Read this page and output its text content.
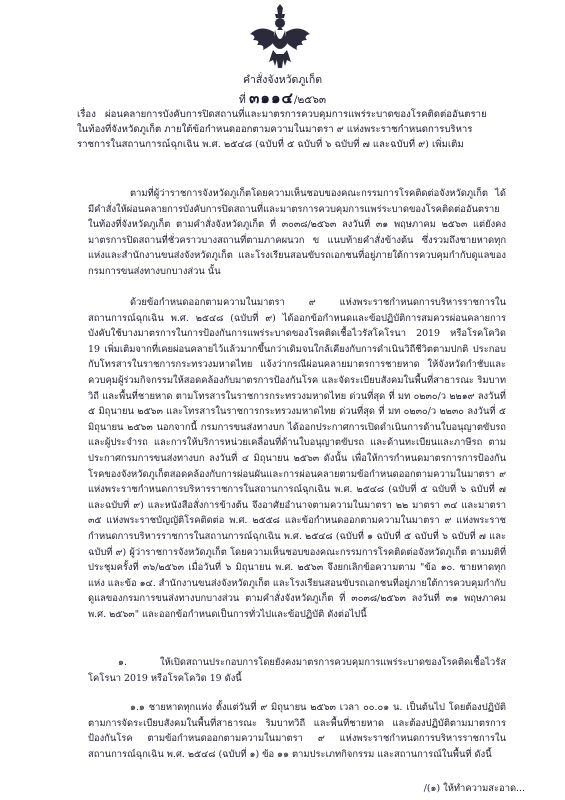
คำสั่งจังหวัดภูเก็ต
ที่ ๓๑๑๔/๒๕๖๓

เรื่อง ผ่อนคลายการบังคับการปิดสถานที่และมาตรการควบคุมการแพร่ระบาดของโรคติดต่ออันตรายในท้องที่จังหวัดภูเก็ต ภายใต้ข้อกำหนดออกตามความในมาตรา ๙ แห่งพระราชกำหนดการบริหารราชการในสถานการณ์ฉุกเฉิน พ.ศ. ๒๕๔๘ (ฉบับที่ ๕ ฉบับที่ ๖ ฉบับที่ ๗ และฉบับที่ ๙) เพิ่มเติม

ตามที่ผู้ว่าราชการจังหวัดภูเก็ตโดยความเห็นชอบของคณะกรรมการโรคติดต่อจังหวัดภูเก็ต ได้มีคำสั่งให้ผ่อนคลายการบังคับการปิดสถานที่และมาตรการควบคุมการแพร่ระบาดของโรคติดต่ออันตรายในท้องที่จังหวัดภูเก็ต ตามคำสั่งจังหวัดภูเก็ต ที่ ๓๐๓๘/๒๕๖๓ ลงวันที่ ๓๑ พฤษภาคม ๒๕๖๓ แต่ยังคงมาตรการปิดสถานที่ชั่วคราวบางสถานที่ตามภาคผนวก ข แนบท้ายคำสั่งข้างต้น ซึ่งรวมถึงชายหาดทุกแห่งและสำนักงานขนส่งจังหวัดภูเก็ต และโรงเรียนสอนขับรถเอกชนที่อยู่ภายใต้การควบคุมกำกับดูแลของกรมการขนส่งทางบกบางส่วน นั้น

ด้วยข้อกำหนดออกตามความในมาตรา ๙ แห่งพระราชกำหนดการบริหารราชการในสถานการณ์ฉุกเฉิน พ.ศ. ๒๕๔๘ (ฉบับที่ ๙) ได้ออกข้อกำหนดและข้อปฏิบัติการสมควรผ่อนคลายการบังคับใช้บางมาตรการในการป้องกันการแพร่ระบาดของโรคติดเชื้อไวรัสโคโรนา 2019 หรือโรคโควิด 19 เพิ่มเติมจากที่เคยผ่อนคลายไว้แล้วมากขึ้นกว่าเดิมจนใกล้เคียงกับการดำเนินวิถีชีวิตตามปกติ ประกอบกับโทรสารในราชการกระทรวงมหาดไทย แจ้งว่ากรณีผ่อนคลายมาตรการชายหาด ให้จังหวัดกำชับและควบคุมผู้ร่วมกิจกรรมให้สอดคล้องกับมาตรการป้องกันโรค และจัดระเบียบสังคมในพื้นที่สาธารณะ ริมบาทวิถี และพื้นที่ชายหาด ตามโทรสารในราชการกระทรวงมหาดไทย ด่วนที่สุด ที่ มท ๐๒๓๐/ว ๒๒๑๙ ลงวันที่ ๕ มิถุนายน ๒๕๖๓ และโทรสารในราชการกระทรวงมหาดไทย ด่วนที่สุด ที่ มท ๐๒๓๐/ว ๒๒๓๐ ลงวันที่ ๕ มิถุนายน ๒๕๖๓ นอกจากนี้ กรมการขนส่งทางบก ได้ออกประกาศการเปิดดำเนินการด้านใบอนุญาตขับรถและผู้ประจำรถ และการให้บริการหน่วยเคลื่อนที่ด้านใบอนุญาตขับรถ และด้านทะเบียนและภาษีรถ ตามประกาศกรมการขนส่งทางบก ลงวันที่ ๔ มิถุนายน ๒๕๖๓ ดังนั้น เพื่อให้การกำหนดมาตรการการป้องกันโรคของจังหวัดภูเก็ตสอดคล้องกับการผ่อนผันและการผ่อนคลายตามข้อกำหนดออกตามความในมาตรา ๙ แห่งพระราชกำหนดการบริหารราชการในสถานการณ์ฉุกเฉิน พ.ศ. ๒๕๔๘ (ฉบับที่ ๕ ฉบับที่ ๖ ฉบับที่ ๗ และฉบับที่ ๙) และหนังสือสั่งการข้างต้น จึงอาศัยอำนาจตามความในมาตรา ๒๒ มาตรา ๓๔ และมาตรา ๓๕ แห่งพระราชบัญญัติโรคติดต่อ พ.ศ. ๒๕๕๘ และข้อกำหนดออกตามความในมาตรา ๙ แห่งพระราชกำหนดการบริหารราชการในสถานการณ์ฉุกเฉิน พ.ศ. ๒๕๔๘ (ฉบับที่ ๑ ฉบับที่ ๕ ฉบับที่ ๖ ฉบับที่ ๗ และฉบับที่ ๙) ผู้ว่าราชการจังหวัดภูเก็ต โดยความเห็นชอบของคณะกรรมการโรคติดต่อจังหวัดภูเก็ต ตามมติที่ประชุมครั้งที่ ๓๖/๒๕๖๓ เมื่อวันที่ ๖ มิถุนายน พ.ศ. ๒๕๖๓ จึงยกเลิกข้อความตาม "ข้อ ๑๐. ชายหาดทุกแห่ง และข้อ ๑๔. สำนักงานขนส่งจังหวัดภูเก็ต และโรงเรียนสอนขับรถเอกชนที่อยู่ภายใต้การควบคุมกำกับดูแลของกรมการขนส่งทางบกบางส่วน ตามคำสั่งจังหวัดภูเก็ต ที่ ๓๐๓๘/๒๕๖๓ ลงวันที่ ๓๑ พฤษภาคม พ.ศ. ๒๕๖๓" และออกข้อกำหนดเป็นการทั่วไปและข้อปฏิบัติ ดังต่อไปนี้

๑. ให้เปิดสถานประกอบการโดยยังคงมาตรการควบคุมการแพร่ระบาดของโรคติดเชื้อไวรัสโคโรนา 2019 หรือโรคโควิด 19 ดังนี้

๑.๑ ชายหาดทุกแห่ง ตั้งแต่วันที่ ๙ มิถุนายน ๒๕๖๓ เวลา ๐๐.๐๑ น. เป็นต้นไป โดยต้องปฏิบัติตามการจัดระเบียบสังคมในพื้นที่สาธารณะ ริมบาทวิถี และพื้นที่ชายหาด และต้องปฏิบัติตามมาตรการป้องกันโรค ตามข้อกำหนดออกตามความในมาตรา ๙ แห่งพระราชกำหนดการบริหารราชการในสถานการณ์ฉุกเฉิน พ.ศ. ๒๕๔๘ (ฉบับที่ ๑) ข้อ ๑๑ ตามประเภทกิจกรรม และสถานการณ์ในพื้นที่ ดังนี้

/(๑) ให้ทำความสะอาด...
